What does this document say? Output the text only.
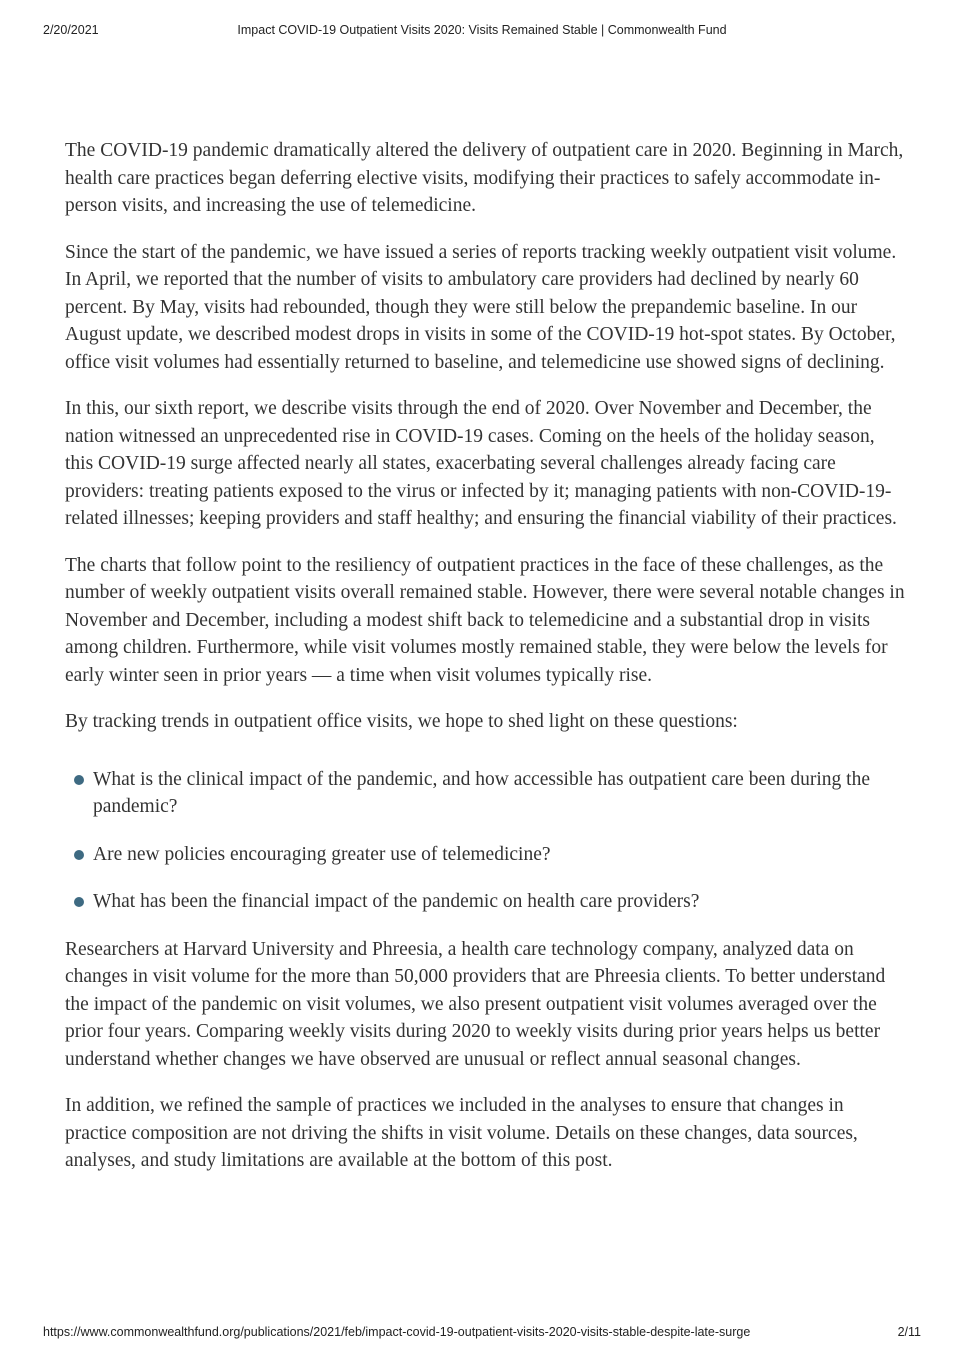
2/20/2021	Impact COVID-19 Outpatient Visits 2020: Visits Remained Stable | Commonwealth Fund

The COVID-19 pandemic dramatically altered the delivery of outpatient care in 2020. Beginning in March, health care practices began deferring elective visits, modifying their practices to safely accommodate in-person visits, and increasing the use of telemedicine.

Since the start of the pandemic, we have issued a series of reports tracking weekly outpatient visit volume. In April, we reported that the number of visits to ambulatory care providers had declined by nearly 60 percent. By May, visits had rebounded, though they were still below the prepandemic baseline. In our August update, we described modest drops in visits in some of the COVID-19 hot-spot states. By October, office visit volumes had essentially returned to baseline, and telemedicine use showed signs of declining.

In this, our sixth report, we describe visits through the end of 2020. Over November and December, the nation witnessed an unprecedented rise in COVID-19 cases. Coming on the heels of the holiday season, this COVID-19 surge affected nearly all states, exacerbating several challenges already facing care providers: treating patients exposed to the virus or infected by it; managing patients with non-COVID-19-related illnesses; keeping providers and staff healthy; and ensuring the financial viability of their practices.

The charts that follow point to the resiliency of outpatient practices in the face of these challenges, as the number of weekly outpatient visits overall remained stable. However, there were several notable changes in November and December, including a modest shift back to telemedicine and a substantial drop in visits among children. Furthermore, while visit volumes mostly remained stable, they were below the levels for early winter seen in prior years — a time when visit volumes typically rise.

By tracking trends in outpatient office visits, we hope to shed light on these questions:

What is the clinical impact of the pandemic, and how accessible has outpatient care been during the pandemic?
Are new policies encouraging greater use of telemedicine?
What has been the financial impact of the pandemic on health care providers?

Researchers at Harvard University and Phreesia, a health care technology company, analyzed data on changes in visit volume for the more than 50,000 providers that are Phreesia clients. To better understand the impact of the pandemic on visit volumes, we also present outpatient visit volumes averaged over the prior four years. Comparing weekly visits during 2020 to weekly visits during prior years helps us better understand whether changes we have observed are unusual or reflect annual seasonal changes.

In addition, we refined the sample of practices we included in the analyses to ensure that changes in practice composition are not driving the shifts in visit volume. Details on these changes, data sources, analyses, and study limitations are available at the bottom of this post.

https://www.commonwealthfund.org/publications/2021/feb/impact-covid-19-outpatient-visits-2020-visits-stable-despite-late-surge	2/11
